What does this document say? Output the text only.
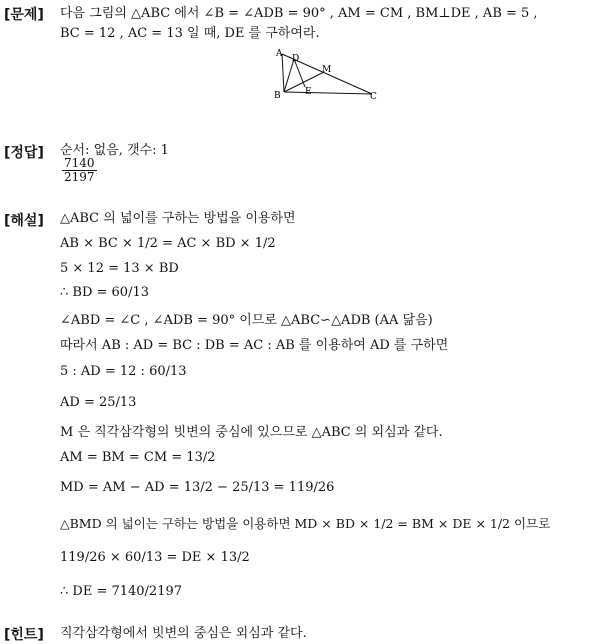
[문제] 다음 그림의 △ABC 에서 ∠B = ∠ADB = 90° , AM = CM , BM⊥DE , AB = 5 ,
BC = 12 , AC = 13 일 때, DE 를 구하여라.
A D
M
B	E	C
[정답] 순서: 없음, 갯수: 1
$\frac{7140}{2197}$
[해설] △ABC 의 넓이를 구하는 방법을 이용하면
AB × BC × 1/2 = AC × BD × 1/2
5 × 12 = 13 × BD
∴ BD = 60/13
∠ABD = ∠C , ∠ADB = 90° 이므로 △ABC∽△ADB (AA 닮음)
따라서 AB : AD = BC : DB = AC : AB 를 이용하여 AD 를 구하면
5 : AD = 12 : 60/13
AD = 25/13
M 은 직각삼각형의 빗변의 중심에 있으므로 △ABC 의 외심과 같다.
AM = BM = CM = 13/2
MD = AM − AD = 13/2 − 25/13 = 119/26
△BMD 의 넓이는 구하는 방법을 이용하면 MD × BD × 1/2 = BM × DE × 1/2 이므로
119/26 × 60/13 = DE × 13/2
∴ DE = 7140/2197
[힌트] 직각삼각형에서 빗변의 중심은 외심과 같다.
